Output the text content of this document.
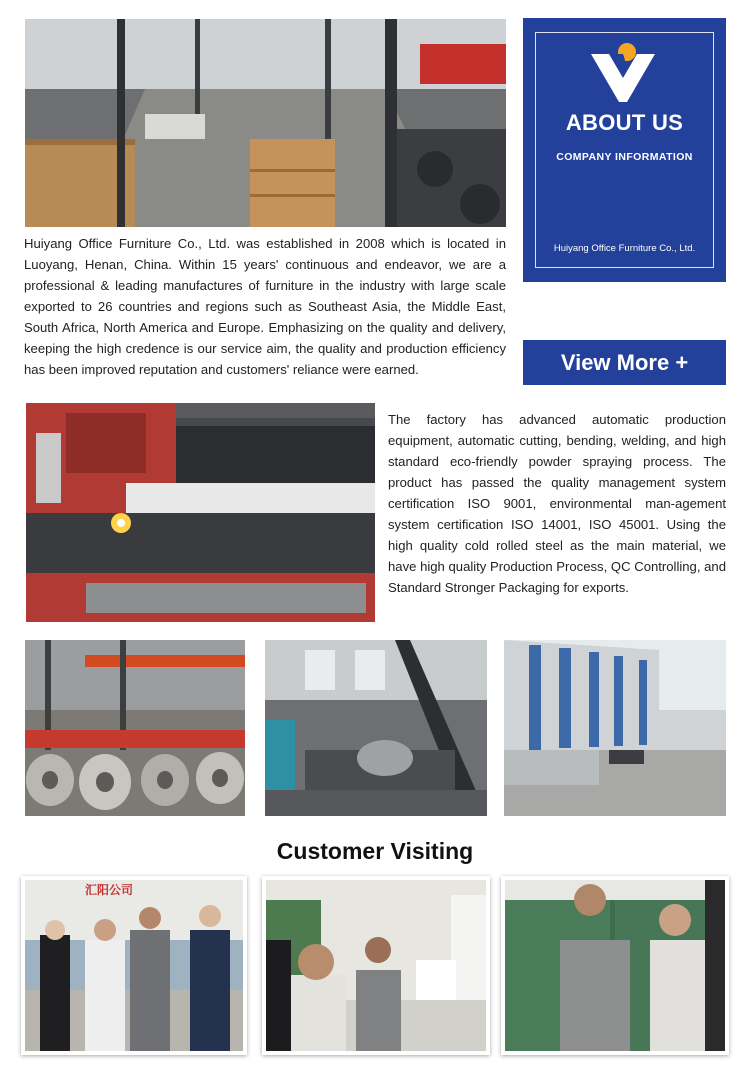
ABOUT US
COMPANY INFORMATION
Huiyang Office Furniture Co., Ltd.

Huiyang Office Furniture Co., Ltd. was established in 2008 which is located in Luoyang, Henan, China. Within 15 years' continuous and endeavor, we are a professional & leading manufactures of furniture in the industry with large scale exported to 26 countries and regions such as Southeast Asia, the Middle East, South Africa, North America and Europe. Emphasizing on the quality and delivery, keeping the high credence is our service aim, the quality and production efficiency has been improved reputation and customers' reliance were earned.	View More +

The factory has advanced automatic production equipment, automatic cutting, bending, welding, and high standard eco-friendly powder spraying process. The product has passed the quality management system certification ISO 9001, environmental man-agement system certification ISO 14001, ISO 45001. Using the high quality cold rolled steel as the main material, we have high quality Production Process, QC Controlling, and Standard Stronger Packaging for exports.

Customer Visiting
汇阳公司
